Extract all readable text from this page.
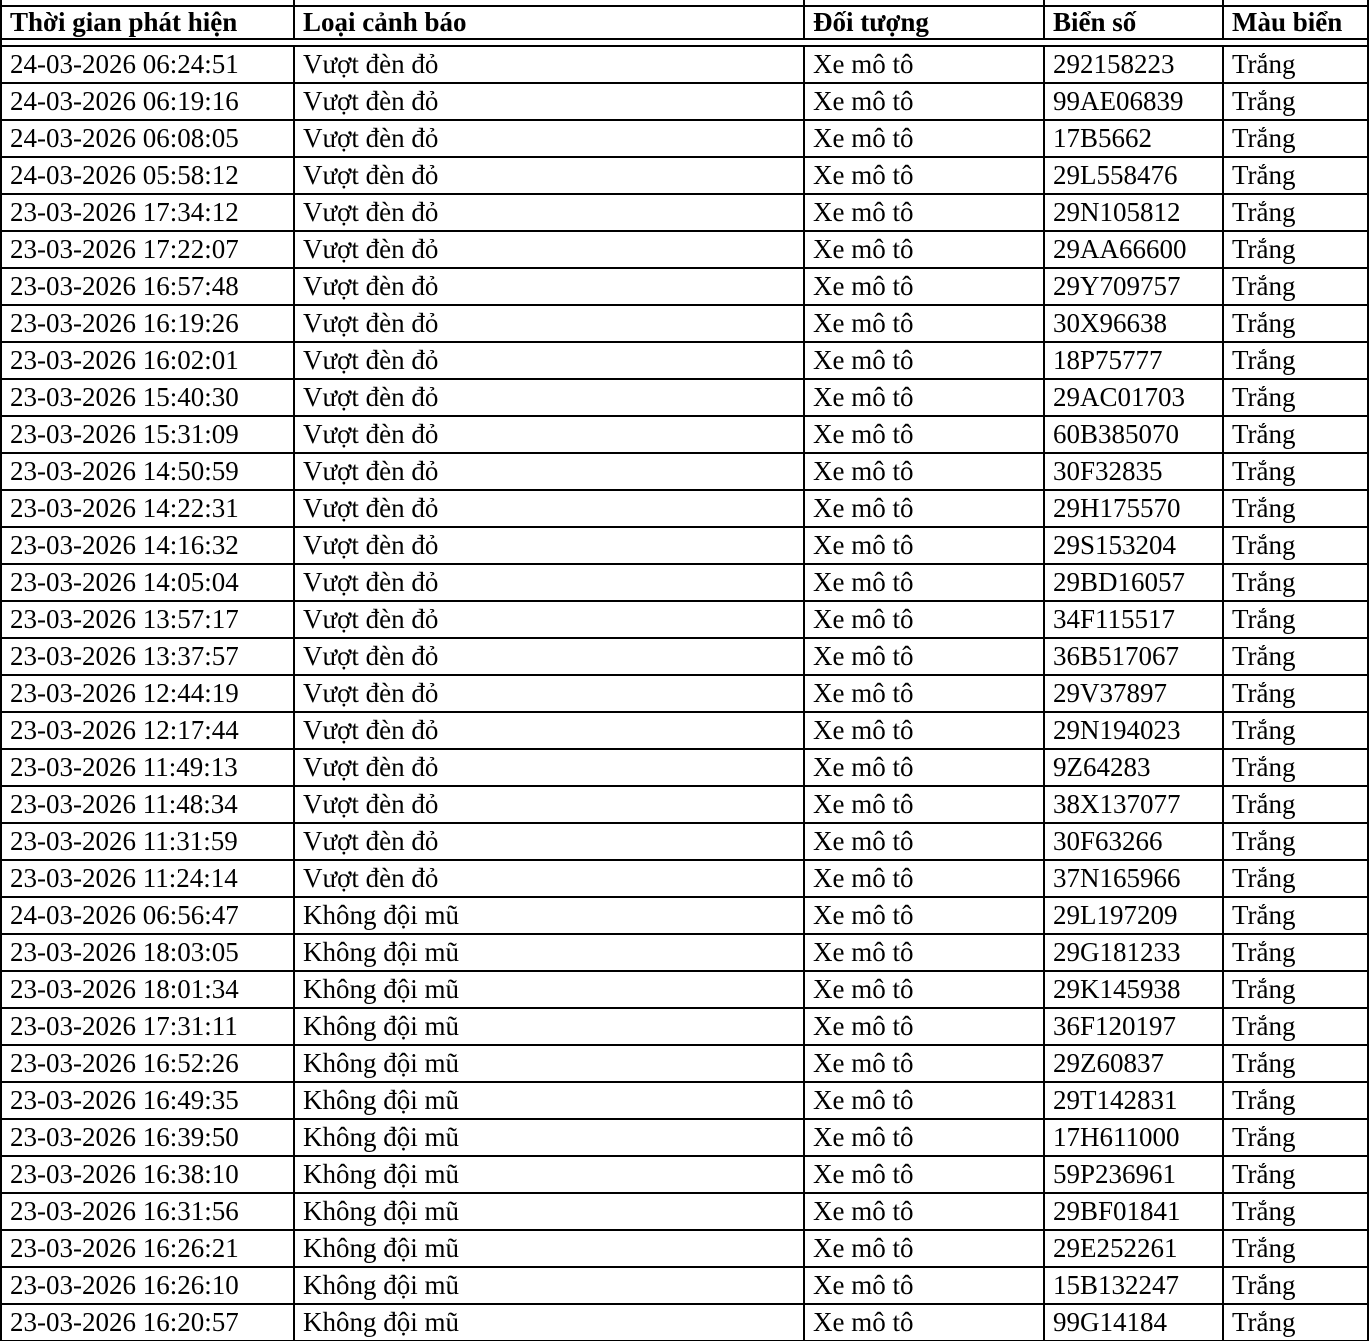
Thời gian phát hiện	Loại cảnh báo	Đối tượng	Biển số	Màu biển

24-03-2026 06:24:51	Vượt đèn đỏ	Xe mô tô	292158223	Trắng
24-03-2026 06:19:16	Vượt đèn đỏ	Xe mô tô	99AE06839	Trắng
24-03-2026 06:08:05	Vượt đèn đỏ	Xe mô tô	17B5662	Trắng
24-03-2026 05:58:12	Vượt đèn đỏ	Xe mô tô	29L558476	Trắng
23-03-2026 17:34:12	Vượt đèn đỏ	Xe mô tô	29N105812	Trắng
23-03-2026 17:22:07	Vượt đèn đỏ	Xe mô tô	29AA66600	Trắng
23-03-2026 16:57:48	Vượt đèn đỏ	Xe mô tô	29Y709757	Trắng
23-03-2026 16:19:26	Vượt đèn đỏ	Xe mô tô	30X96638	Trắng
23-03-2026 16:02:01	Vượt đèn đỏ	Xe mô tô	18P75777	Trắng
23-03-2026 15:40:30	Vượt đèn đỏ	Xe mô tô	29AC01703	Trắng
23-03-2026 15:31:09	Vượt đèn đỏ	Xe mô tô	60B385070	Trắng
23-03-2026 14:50:59	Vượt đèn đỏ	Xe mô tô	30F32835	Trắng
23-03-2026 14:22:31	Vượt đèn đỏ	Xe mô tô	29H175570	Trắng
23-03-2026 14:16:32	Vượt đèn đỏ	Xe mô tô	29S153204	Trắng
23-03-2026 14:05:04	Vượt đèn đỏ	Xe mô tô	29BD16057	Trắng
23-03-2026 13:57:17	Vượt đèn đỏ	Xe mô tô	34F115517	Trắng
23-03-2026 13:37:57	Vượt đèn đỏ	Xe mô tô	36B517067	Trắng
23-03-2026 12:44:19	Vượt đèn đỏ	Xe mô tô	29V37897	Trắng
23-03-2026 12:17:44	Vượt đèn đỏ	Xe mô tô	29N194023	Trắng
23-03-2026 11:49:13	Vượt đèn đỏ	Xe mô tô	9Z64283	Trắng
23-03-2026 11:48:34	Vượt đèn đỏ	Xe mô tô	38X137077	Trắng
23-03-2026 11:31:59	Vượt đèn đỏ	Xe mô tô	30F63266	Trắng
23-03-2026 11:24:14	Vượt đèn đỏ	Xe mô tô	37N165966	Trắng
24-03-2026 06:56:47	Không đội mũ	Xe mô tô	29L197209	Trắng
23-03-2026 18:03:05	Không đội mũ	Xe mô tô	29G181233	Trắng
23-03-2026 18:01:34	Không đội mũ	Xe mô tô	29K145938	Trắng
23-03-2026 17:31:11	Không đội mũ	Xe mô tô	36F120197	Trắng
23-03-2026 16:52:26	Không đội mũ	Xe mô tô	29Z60837	Trắng
23-03-2026 16:49:35	Không đội mũ	Xe mô tô	29T142831	Trắng
23-03-2026 16:39:50	Không đội mũ	Xe mô tô	17H611000	Trắng
23-03-2026 16:38:10	Không đội mũ	Xe mô tô	59P236961	Trắng
23-03-2026 16:31:56	Không đội mũ	Xe mô tô	29BF01841	Trắng
23-03-2026 16:26:21	Không đội mũ	Xe mô tô	29E252261	Trắng
23-03-2026 16:26:10	Không đội mũ	Xe mô tô	15B132247	Trắng
23-03-2026 16:20:57	Không đội mũ	Xe mô tô	99G14184	Trắng
